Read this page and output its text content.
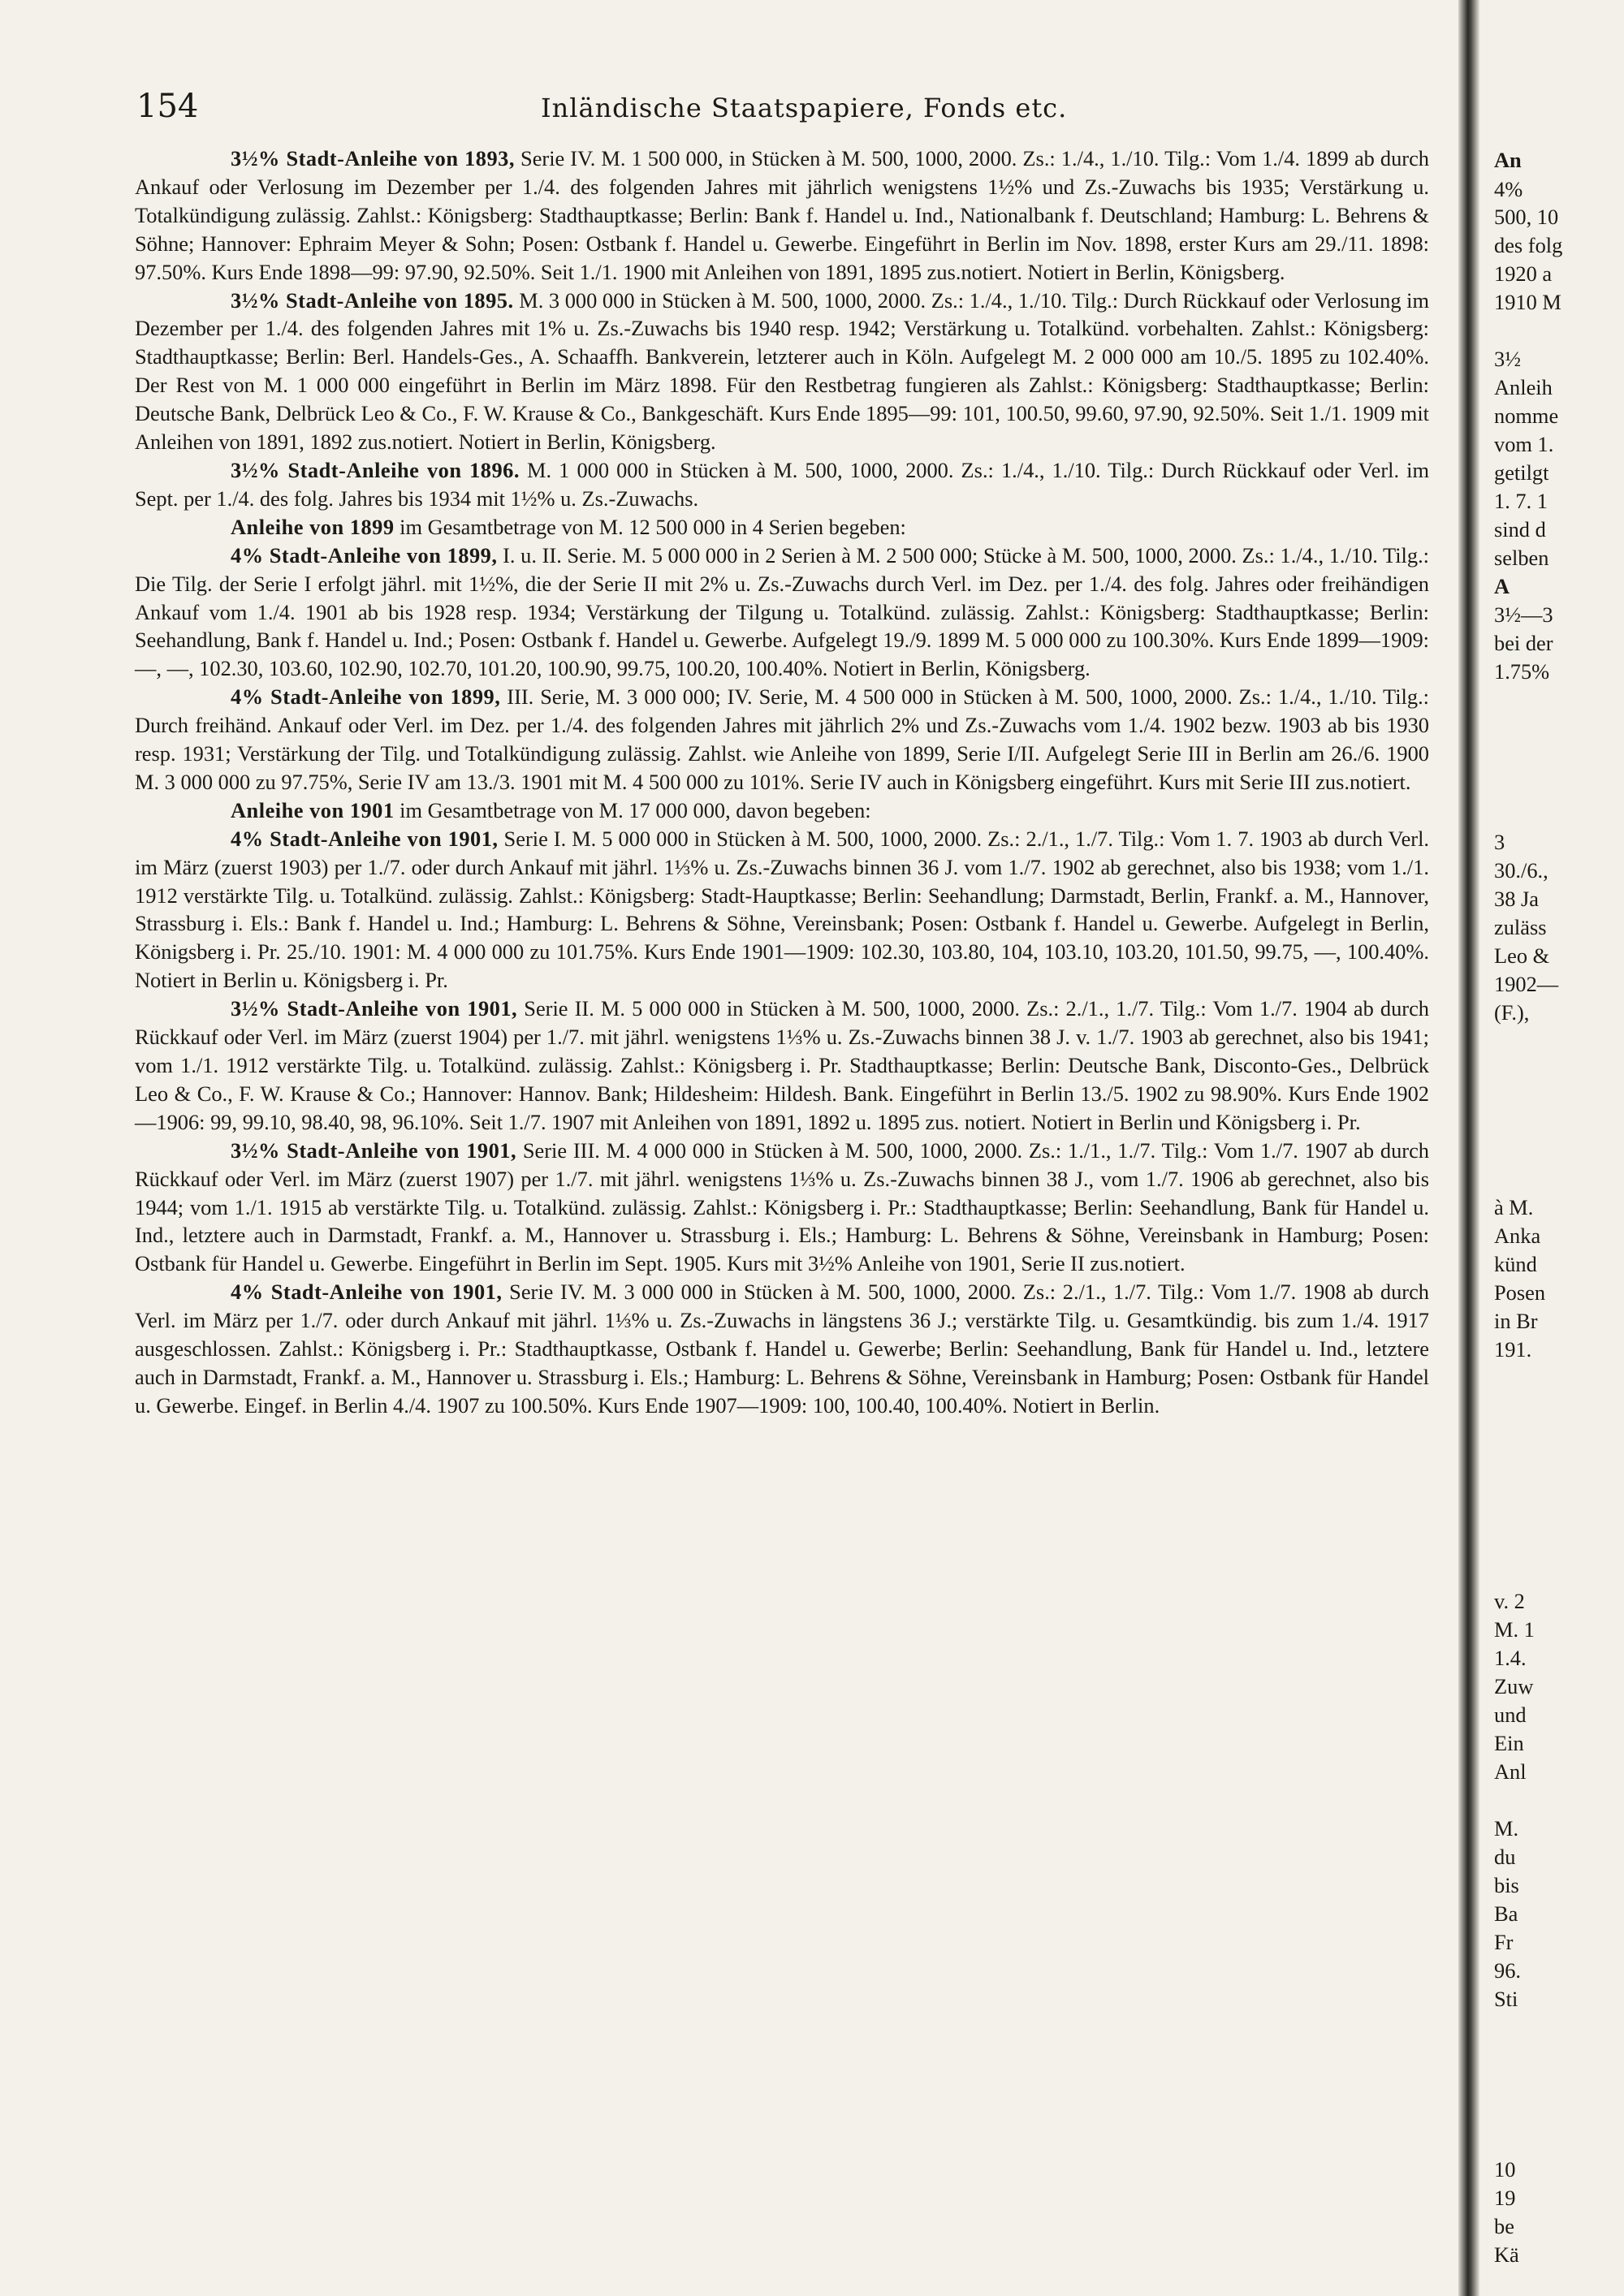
154	Inländische Staatspapiere, Fonds etc.

3½% Stadt-Anleihe von 1893, Serie IV. M. 1 500 000, in Stücken à M. 500, 1000, 2000. Zs.: 1./4., 1./10. Tilg.: Vom 1./4. 1899 ab durch Ankauf oder Verlosung im Dezember per 1./4. des folgenden Jahres mit jährlich wenigstens 1½% und Zs.-Zuwachs bis 1935; Verstärkung u. Totalkündigung zulässig. Zahlst.: Königsberg: Stadthauptkasse; Berlin: Bank f. Handel u. Ind., Nationalbank f. Deutschland; Hamburg: L. Behrens & Söhne; Hannover: Ephraim Meyer & Sohn; Posen: Ostbank f. Handel u. Gewerbe. Eingeführt in Berlin im Nov. 1898, erster Kurs am 29./11. 1898: 97.50%. Kurs Ende 1898—99: 97.90, 92.50%. Seit 1./1. 1900 mit Anleihen von 1891, 1895 zus.notiert. Notiert in Berlin, Königsberg.

3½% Stadt-Anleihe von 1895. M. 3 000 000 in Stücken à M. 500, 1000, 2000. Zs.: 1./4., 1./10. Tilg.: Durch Rückkauf oder Verlosung im Dezember per 1./4. des folgenden Jahres mit 1% u. Zs.-Zuwachs bis 1940 resp. 1942; Verstärkung u. Totalkünd. vorbehalten. Zahlst.: Königsberg: Stadthauptkasse; Berlin: Berl. Handels-Ges., A. Schaaffh. Bankverein, letzterer auch in Köln. Aufgelegt M. 2 000 000 am 10./5. 1895 zu 102.40%. Der Rest von M. 1 000 000 eingeführt in Berlin im März 1898. Für den Restbetrag fungieren als Zahlst.: Königsberg: Stadthauptkasse; Berlin: Deutsche Bank, Delbrück Leo & Co., F. W. Krause & Co., Bankgeschäft. Kurs Ende 1895—99: 101, 100.50, 99.60, 97.90, 92.50%. Seit 1./1. 1909 mit Anleihen von 1891, 1892 zus.notiert. Notiert in Berlin, Königsberg.

3½% Stadt-Anleihe von 1896. M. 1 000 000 in Stücken à M. 500, 1000, 2000. Zs.: 1./4., 1./10. Tilg.: Durch Rückkauf oder Verl. im Sept. per 1./4. des folg. Jahres bis 1934 mit 1½% u. Zs.-Zuwachs.

Anleihe von 1899 im Gesamtbetrage von M. 12 500 000 in 4 Serien begeben:

4% Stadt-Anleihe von 1899, I. u. II. Serie. M. 5 000 000 in 2 Serien à M. 2 500 000; Stücke à M. 500, 1000, 2000. Zs.: 1./4., 1./10. Tilg.: Die Tilg. der Serie I erfolgt jährl. mit 1½%, die der Serie II mit 2% u. Zs.-Zuwachs durch Verl. im Dez. per 1./4. des folg. Jahres oder freihändigen Ankauf vom 1./4. 1901 ab bis 1928 resp. 1934; Verstärkung der Tilgung u. Totalkünd. zulässig. Zahlst.: Königsberg: Stadthauptkasse; Berlin: Seehandlung, Bank f. Handel u. Ind.; Posen: Ostbank f. Handel u. Gewerbe. Aufgelegt 19./9. 1899 M. 5 000 000 zu 100.30%. Kurs Ende 1899—1909: —, —, 102.30, 103.60, 102.90, 102.70, 101.20, 100.90, 99.75, 100.20, 100.40%. Notiert in Berlin, Königsberg.

4% Stadt-Anleihe von 1899, III. Serie, M. 3 000 000; IV. Serie, M. 4 500 000 in Stücken à M. 500, 1000, 2000. Zs.: 1./4., 1./10. Tilg.: Durch freihänd. Ankauf oder Verl. im Dez. per 1./4. des folgenden Jahres mit jährlich 2% und Zs.-Zuwachs vom 1./4. 1902 bezw. 1903 ab bis 1930 resp. 1931; Verstärkung der Tilg. und Totalkündigung zulässig. Zahlst. wie Anleihe von 1899, Serie I/II. Aufgelegt Serie III in Berlin am 26./6. 1900 M. 3 000 000 zu 97.75%, Serie IV am 13./3. 1901 mit M. 4 500 000 zu 101%. Serie IV auch in Königsberg eingeführt. Kurs mit Serie III zus.notiert.

Anleihe von 1901 im Gesamtbetrage von M. 17 000 000, davon begeben:

4% Stadt-Anleihe von 1901, Serie I. M. 5 000 000 in Stücken à M. 500, 1000, 2000. Zs.: 2./1., 1./7. Tilg.: Vom 1. 7. 1903 ab durch Verl. im März (zuerst 1903) per 1./7. oder durch Ankauf mit jährl. 1⅓% u. Zs.-Zuwachs binnen 36 J. vom 1./7. 1902 ab gerechnet, also bis 1938; vom 1./1. 1912 verstärkte Tilg. u. Totalkünd. zulässig. Zahlst.: Königsberg: Stadt-Hauptkasse; Berlin: Seehandlung; Darmstadt, Berlin, Frankf. a. M., Hannover, Strassburg i. Els.: Bank f. Handel u. Ind.; Hamburg: L. Behrens & Söhne, Vereinsbank; Posen: Ostbank f. Handel u. Gewerbe. Aufgelegt in Berlin, Königsberg i. Pr. 25./10. 1901: M. 4 000 000 zu 101.75%. Kurs Ende 1901—1909: 102.30, 103.80, 104, 103.10, 103.20, 101.50, 99.75, —, 100.40%. Notiert in Berlin u. Königsberg i. Pr.

3½% Stadt-Anleihe von 1901, Serie II. M. 5 000 000 in Stücken à M. 500, 1000, 2000. Zs.: 2./1., 1./7. Tilg.: Vom 1./7. 1904 ab durch Rückkauf oder Verl. im März (zuerst 1904) per 1./7. mit jährl. wenigstens 1⅓% u. Zs.-Zuwachs binnen 38 J. v. 1./7. 1903 ab gerechnet, also bis 1941; vom 1./1. 1912 verstärkte Tilg. u. Totalkünd. zulässig. Zahlst.: Königsberg i. Pr. Stadthauptkasse; Berlin: Deutsche Bank, Disconto-Ges., Delbrück Leo & Co., F. W. Krause & Co.; Hannover: Hannov. Bank; Hildesheim: Hildesh. Bank. Eingeführt in Berlin 13./5. 1902 zu 98.90%. Kurs Ende 1902—1906: 99, 99.10, 98.40, 98, 96.10%. Seit 1./7. 1907 mit Anleihen von 1891, 1892 u. 1895 zus. notiert. Notiert in Berlin und Königsberg i. Pr.

3½% Stadt-Anleihe von 1901, Serie III. M. 4 000 000 in Stücken à M. 500, 1000, 2000. Zs.: 1./1., 1./7. Tilg.: Vom 1./7. 1907 ab durch Rückkauf oder Verl. im März (zuerst 1907) per 1./7. mit jährl. wenigstens 1⅓% u. Zs.-Zuwachs binnen 38 J., vom 1./7. 1906 ab gerechnet, also bis 1944; vom 1./1. 1915 ab verstärkte Tilg. u. Totalkünd. zulässig. Zahlst.: Königsberg i. Pr.: Stadthauptkasse; Berlin: Seehandlung, Bank für Handel u. Ind., letztere auch in Darmstadt, Frankf. a. M., Hannover u. Strassburg i. Els.; Hamburg: L. Behrens & Söhne, Vereinsbank in Hamburg; Posen: Ostbank für Handel u. Gewerbe. Eingeführt in Berlin im Sept. 1905. Kurs mit 3½% Anleihe von 1901, Serie II zus.notiert.

4% Stadt-Anleihe von 1901, Serie IV. M. 3 000 000 in Stücken à M. 500, 1000, 2000. Zs.: 2./1., 1./7. Tilg.: Vom 1./7. 1908 ab durch Verl. im März per 1./7. oder durch Ankauf mit jährl. 1⅓% u. Zs.-Zuwachs in längstens 36 J.; verstärkte Tilg. u. Gesamtkündig. bis zum 1./4. 1917 ausgeschlossen. Zahlst.: Königsberg i. Pr.: Stadthauptkasse, Ostbank f. Handel u. Gewerbe; Berlin: Seehandlung, Bank für Handel u. Ind., letztere auch in Darmstadt, Frankf. a. M., Hannover u. Strassburg i. Els.; Hamburg: L. Behrens & Söhne, Vereinsbank in Hamburg; Posen: Ostbank für Handel u. Gewerbe. Eingef. in Berlin 4./4. 1907 zu 100.50%. Kurs Ende 1907—1909: 100, 100.40, 100.40%. Notiert in Berlin.

An
4%
500, 10
des folg
1920 a
1910 M
3½
Anleih
nomme
vom 1.
getilgt
1. 7. 1
sind d
selben
A
3½—3
bei der
1.75%
3
30./6.,
38 Ja
zuläss
Leo &
1902—
(F.),
à M.
Anka
künd
Posen
in Br
191.
v. 2
M. 1
1.4.
Zuw
und
Ein
Anl
M.
du
bis
Ba
Fr
96.
Sti
10
19
be
Kä
